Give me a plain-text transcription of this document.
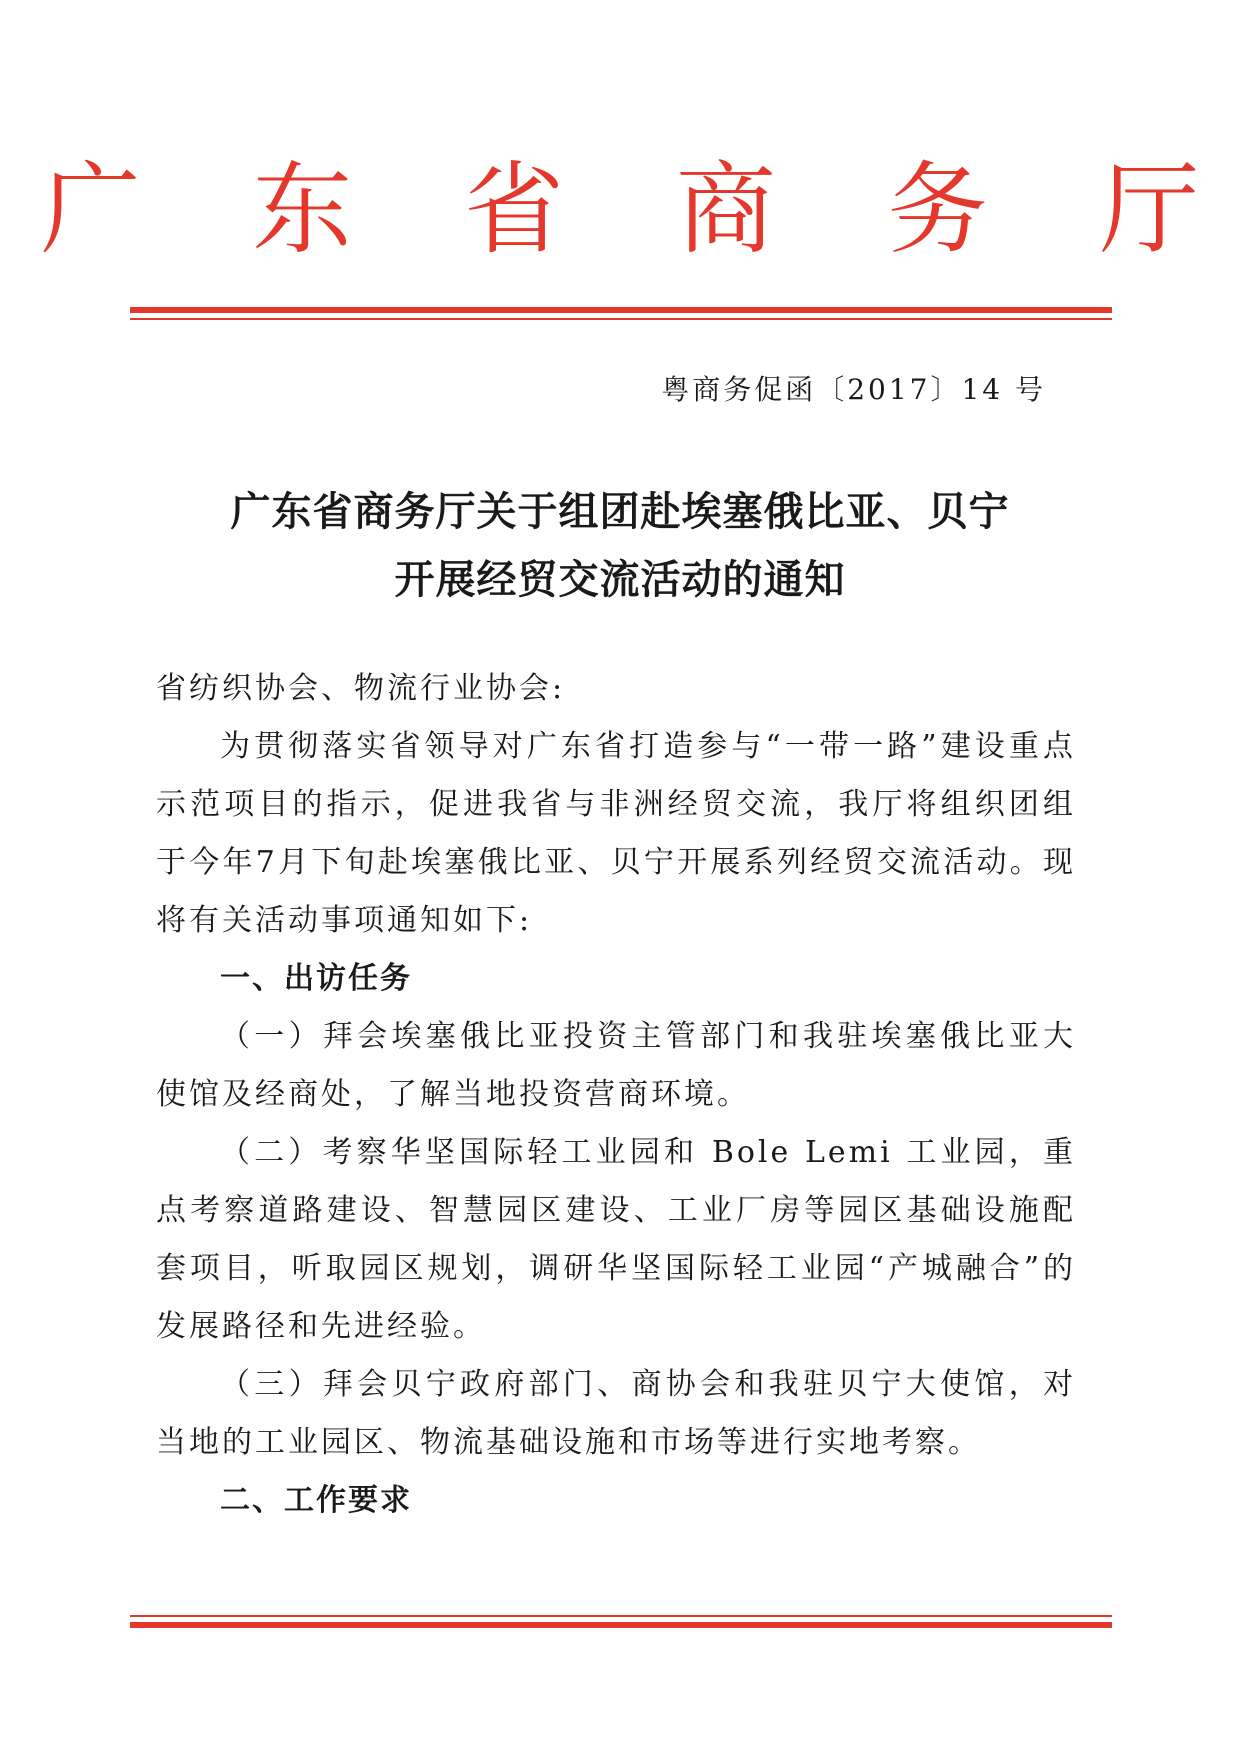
广 东 省 商 务 厅
粤商务促函〔2017〕14 号
广东省商务厅关于组团赴埃塞俄比亚、贝宁
开展经贸交流活动的通知

省纺织协会、物流行业协会:

为贯彻落实省领导对广东省打造参与“一带一路”建设重点示范项目的指示，促进我省与非洲经贸交流，我厅将组织团组于今年7月下旬赴埃塞俄比亚、贝宁开展系列经贸交流活动。现将有关活动事项通知如下:

一、出访任务

（一）拜会埃塞俄比亚投资主管部门和我驻埃塞俄比亚大使馆及经商处，了解当地投资营商环境。

（二）考察华坚国际轻工业园和 Bole Lemi 工业园，重点考察道路建设、智慧园区建设、工业厂房等园区基础设施配套项目，听取园区规划，调研华坚国际轻工业园“产城融合”的发展路径和先进经验。

（三）拜会贝宁政府部门、商协会和我驻贝宁大使馆，对当地的工业园区、物流基础设施和市场等进行实地考察。

二、工作要求
